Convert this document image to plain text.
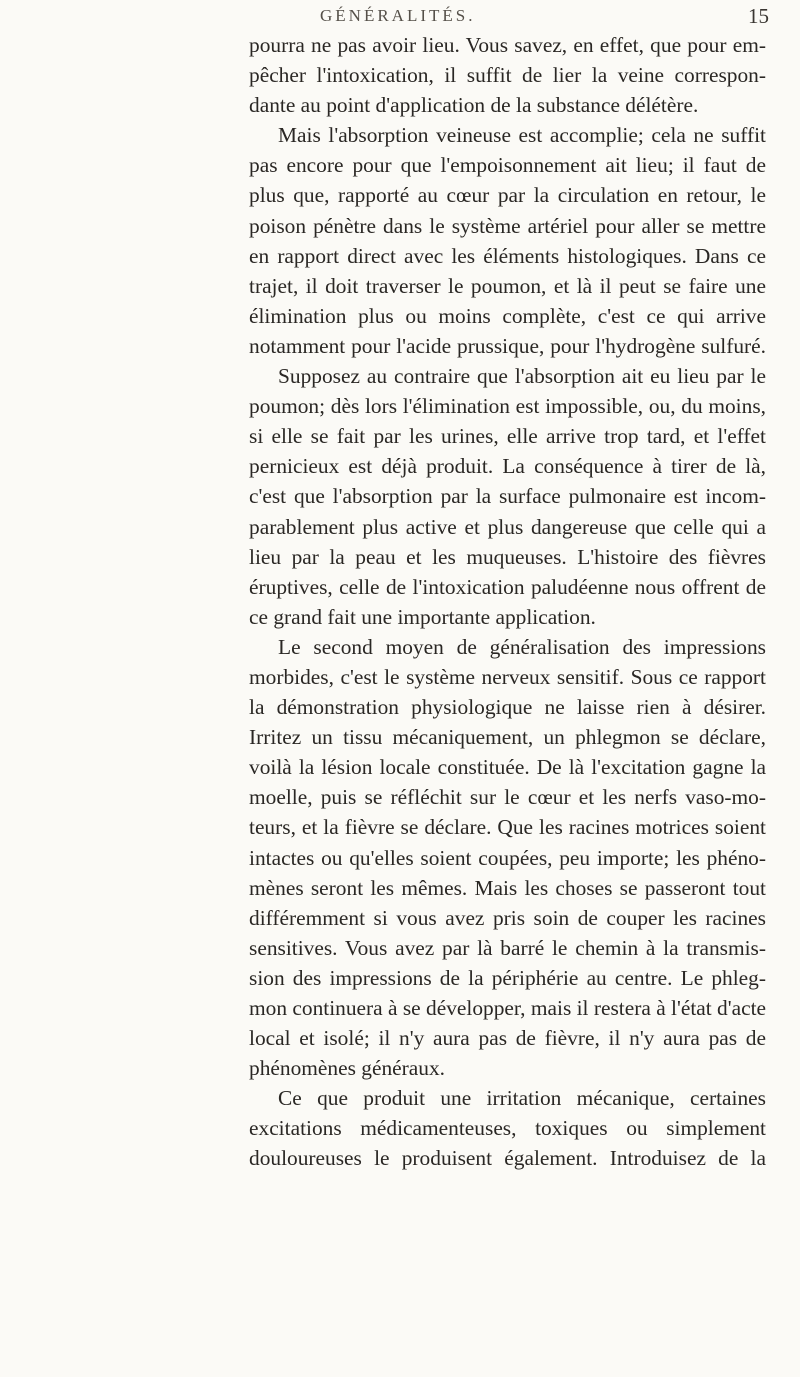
GÉNÉRALITÉS.	15
pourra ne pas avoir lieu. Vous savez, en effet, que pour em-
pêcher l'intoxication, il suffit de lier la veine correspon-
dante au point d'application de la substance délétère.
Mais l'absorption veineuse est accomplie; cela ne suffit
pas encore pour que l'empoisonnement ait lieu; il faut de
plus que, rapporté au cœur par la circulation en retour, le
poison pénètre dans le système artériel pour aller se mettre
en rapport direct avec les éléments histologiques. Dans ce
trajet, il doit traverser le poumon, et là il peut se faire une
élimination plus ou moins complète, c'est ce qui arrive
notamment pour l'acide prussique, pour l'hydrogène sulfuré.
Supposez au contraire que l'absorption ait eu lieu par le
poumon; dès lors l'élimination est impossible, ou, du moins,
si elle se fait par les urines, elle arrive trop tard, et l'effet
pernicieux est déjà produit. La conséquence à tirer de là,
c'est que l'absorption par la surface pulmonaire est incom-
parablement plus active et plus dangereuse que celle qui a
lieu par la peau et les muqueuses. L'histoire des fièvres
éruptives, celle de l'intoxication paludéenne nous offrent de
ce grand fait une importante application.
Le second moyen de généralisation des impressions
morbides, c'est le système nerveux sensitif. Sous ce rapport
la démonstration physiologique ne laisse rien à désirer.
Irritez un tissu mécaniquement, un phlegmon se déclare,
voilà la lésion locale constituée. De là l'excitation gagne la
moelle, puis se réfléchit sur le cœur et les nerfs vaso-mo-
teurs, et la fièvre se déclare. Que les racines motrices soient
intactes ou qu'elles soient coupées, peu importe; les phéno-
mènes seront les mêmes. Mais les choses se passeront tout
différemment si vous avez pris soin de couper les racines
sensitives. Vous avez par là barré le chemin à la transmis-
sion des impressions de la périphérie au centre. Le phleg-
mon continuera à se développer, mais il restera à l'état d'acte
local et isolé; il n'y aura pas de fièvre, il n'y aura pas de
phénomènes généraux.
Ce que produit une irritation mécanique, certaines
excitations médicamenteuses, toxiques ou simplement
douloureuses le produisent également. Introduisez de la
